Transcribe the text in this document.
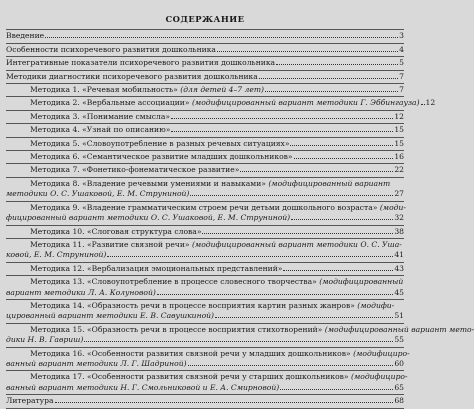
СОДЕРЖАНИЕ
Введение	3
Особенности психоречевого развития дошкольника	4
Интегративные показатели психоречевого развития дошкольника	5
Методики диагностики психоречевого развития дошкольника	7
Методика 1. «Речевая мобильность» (для детей 4–7 лет)	7
Методика 2. «Вербальные ассоциации» (модифицированный вариант методики Г. Эббингауза) 12
Методика 3. «Понимание смысла»	12
Методика 4. «Узнай по описанию»	15
Методика 5. «Словоупотребление в разных речевых ситуациях»	15
Методика 6. «Семантическое развитие младших дошкольников»	16
Методика 7. «Фонетико-фонематическое развитие»	22
Методика 8. «Владение речевыми умениями и навыками» (модифицированный вариант
методики О. С. Ушаковой, Е. М. Струниной)	27
Методика 9. «Владение грамматическим строем речи детьми дошкольного возраста» (моди-
фицированный вариант методики О. С. Ушаковой, Е. М. Струниной)	32
Методика 10. «Слоговая структура слова»	38
Методика 11. «Развитие связной речи» (модифицированный вариант методики О. С. Уша-
ковой, Е. М. Струниной)	41
Методика 12. «Вербализация эмоциональных представлений»	43
Методика 13. «Словоупотребление в процессе словесного творчества» (модифицированный
вариант методики Л. А. Колуновой)	45
Методика 14. «Образность речи в процессе восприятия картин разных жанров» (модифи-
цированный вариант методики Е. В. Савушкиной)	51
Методика 15. «Образность речи в процессе восприятия стихотворений» (модифицированный вариант мето-
дики Н. В. Гавриш)	55
Методика 16. «Особенности развития связной речи у младших дошкольников» (модифициро-
ванный вариант методики Л. Г. Шадриной)	60
Методика 17. «Особенности развития связной речи у старших дошкольников» (модифициро-
ванный вариант методики Н. Г. Смольниковой и Е. А. Смирновой)	65
Литература	68
